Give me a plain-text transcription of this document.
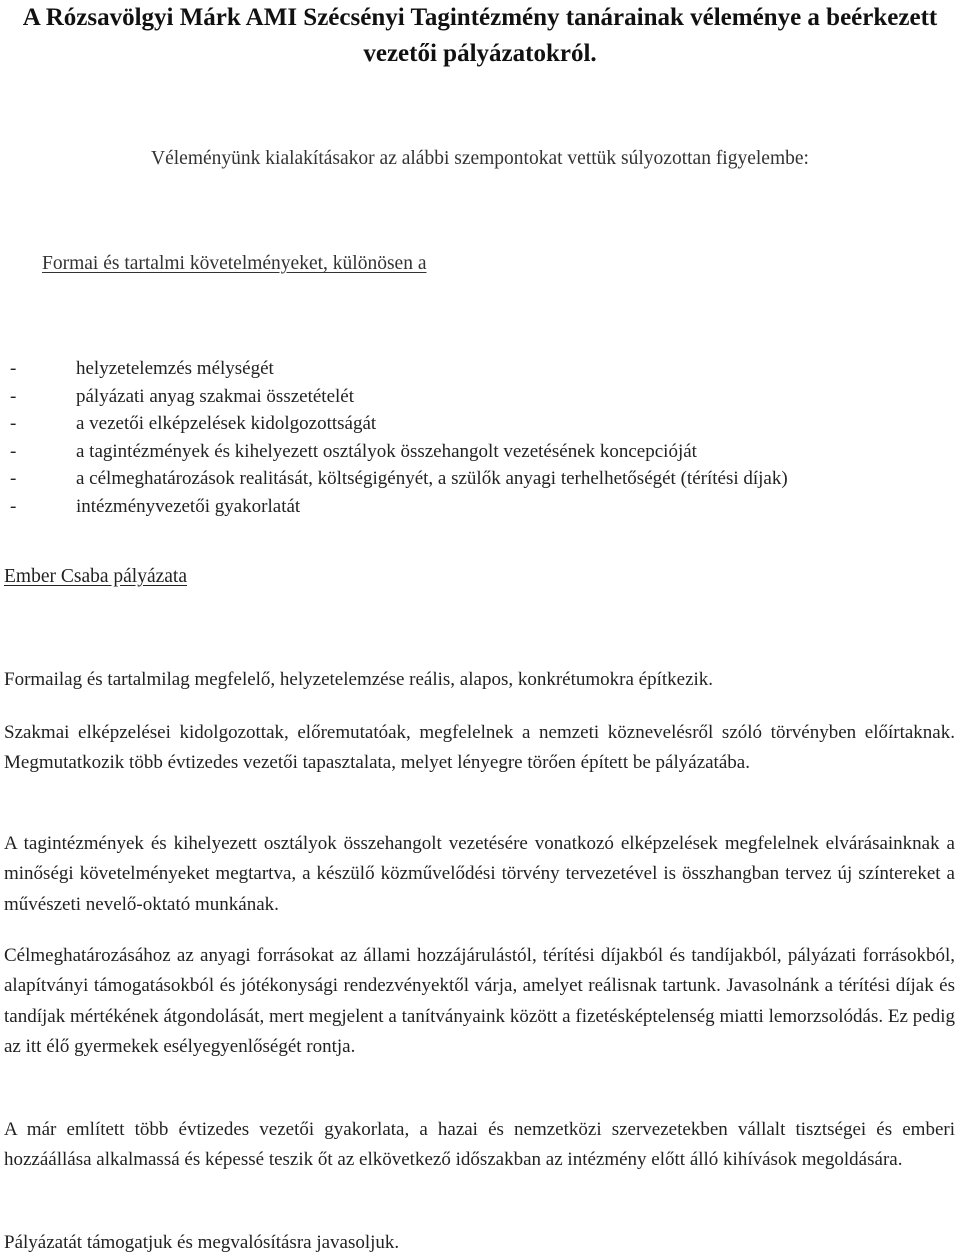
A Rózsavölgyi Márk AMI Szécsényi Tagintézmény tanárainak véleménye a beérkezett vezetői pályázatokról.

Véleményünk kialakításakor az alábbi szempontokat vettük súlyozottan figyelembe:

Formai és tartalmi követelményeket, különösen a

-	helyzetelemzés mélységét
-	pályázati anyag szakmai összetételét
-	a vezetői elképzelések kidolgozottságát
-	a tagintézmények és kihelyezett osztályok összehangolt vezetésének koncepcióját
-	a célmeghatározások realitását, költségigényét, a szülők anyagi terhelhetőségét (térítési díjak)
-	intézményvezetői gyakorlatát
Ember Csaba pályázata

Formailag és tartalmilag megfelelő, helyzetelemzése reális, alapos, konkrétumokra építkezik.

Szakmai elképzelései kidolgozottak, előremutatóak, megfelelnek a nemzeti köznevelésről szóló törvényben előírtaknak. Megmutatkozik több évtizedes vezetői tapasztalata, melyet lényegre törően épített be pályázatába.

A tagintézmények és kihelyezett osztályok összehangolt vezetésére vonatkozó elképzelések megfelelnek elvárásainknak a minőségi követelményeket megtartva, a készülő közművelődési törvény tervezetével is összhangban tervez új színtereket a művészeti nevelő-oktató munkának.

Célmeghatározásához az anyagi forrásokat az állami hozzájárulástól, térítési díjakból és tandíjakból, pályázati forrásokból, alapítványi támogatásokból és jótékonysági rendezvényektől várja, amelyet reálisnak tartunk. Javasolnánk a térítési díjak és tandíjak mértékének átgondolását, mert megjelent a tanítványaink között a fizetésképtelenség miatti lemorzsolódás. Ez pedig az itt élő gyermekek esélyegyenlőségét rontja.

A már említett több évtizedes vezetői gyakorlata, a hazai és nemzetközi szervezetekben vállalt tisztségei és emberi hozzáállása alkalmassá és képessé teszik őt az elkövetkező időszakban az intézmény előtt álló kihívások megoldására.

Pályázatát támogatjuk és megvalósításra javasoljuk.
